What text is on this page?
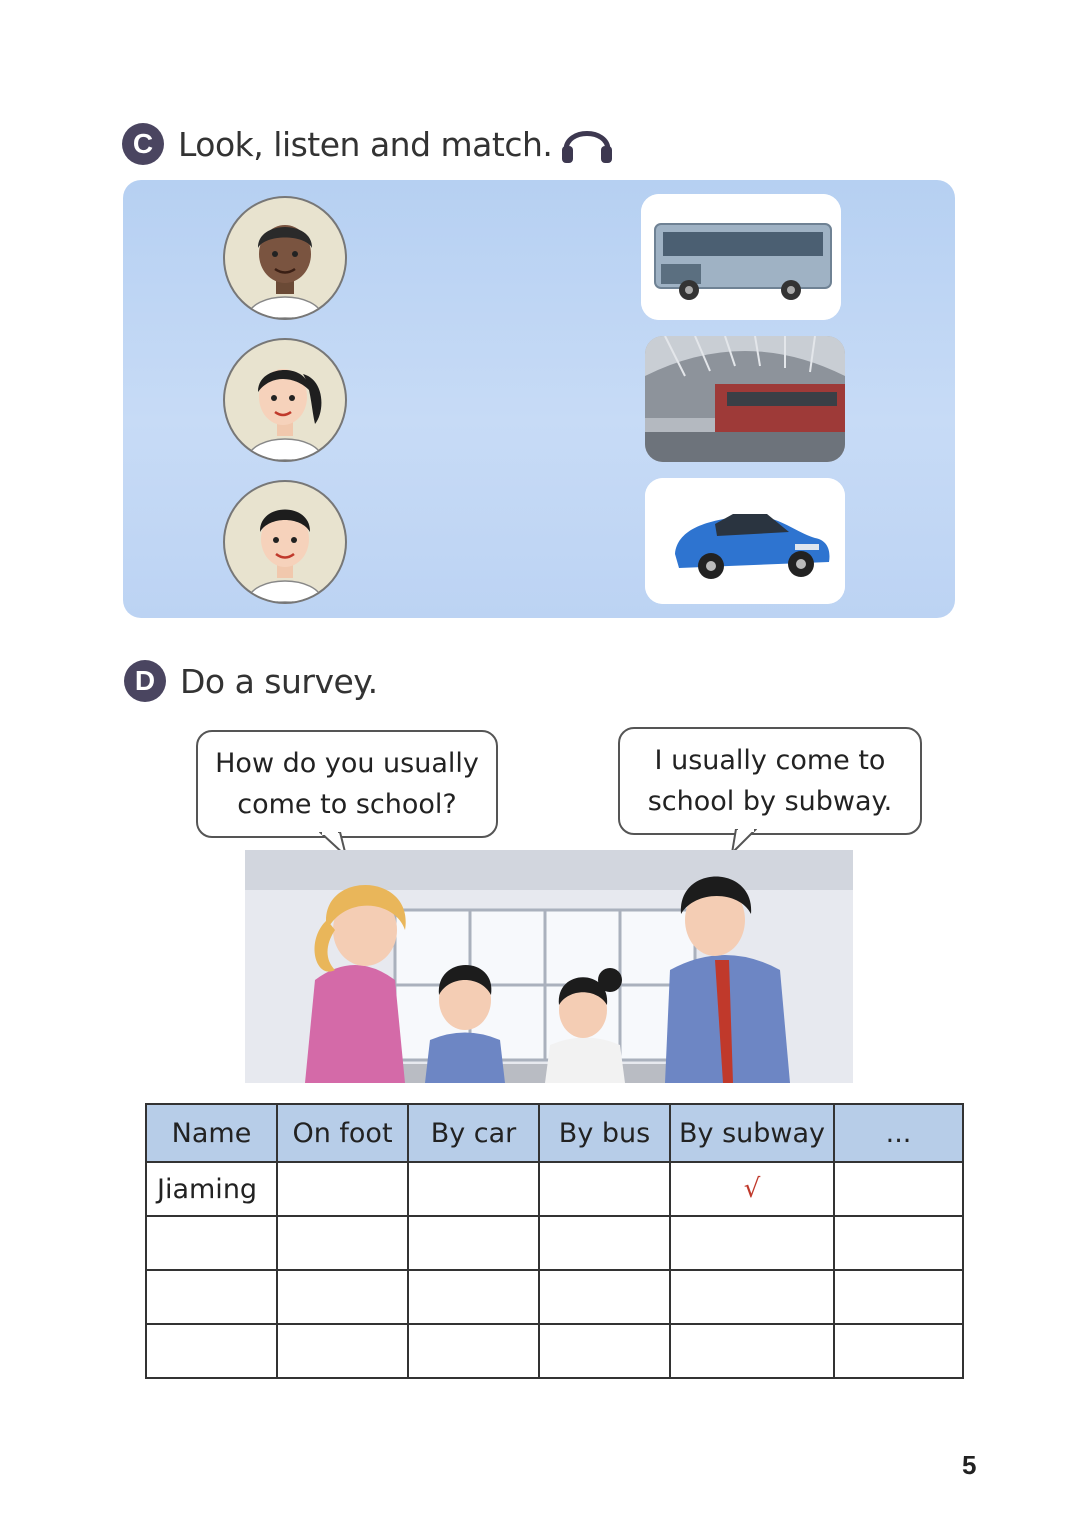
C Look, listen and match.
D Do a survey.
How do you usually
come to school?
I usually come to
school by subway.
Name	On foot	By car	By bus	By subway	...
Jiaming				√	

5
